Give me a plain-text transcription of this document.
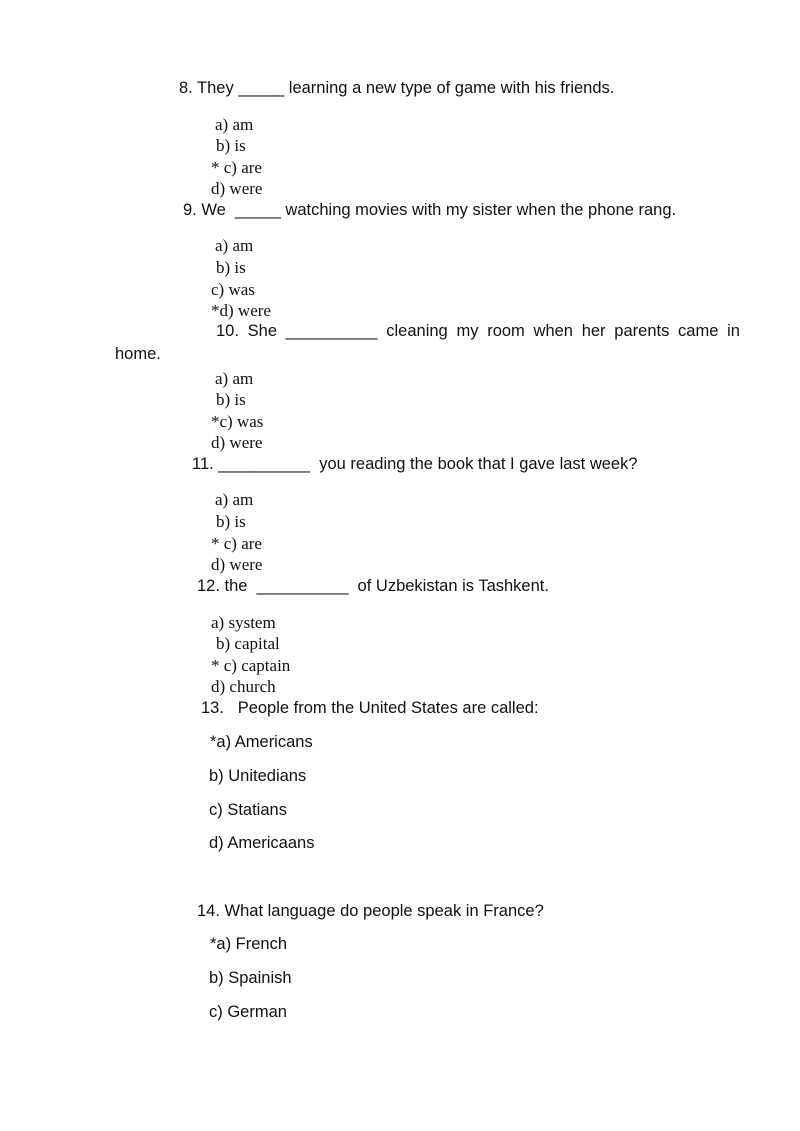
8. They _____ learning a new type of game with his friends.
a) am
b) is
* c) are
d) were
9. We  _____ watching movies with my sister when the phone rang.
a) am
b) is
c) was
*d) were
10. She __________ cleaning my room when her parents came in
home.
a) am
b) is
*c) was
d) were
11. __________  you reading the book that I gave last week?
a) am
b) is
* c) are
d) were
12. the  __________  of Uzbekistan is Tashkent.
a) system
b) capital
* c) captain
d) church
13.   People from the United States are called:
*a) Americans
b) Unitedians
c) Statians
d) Americaans
14. What language do people speak in France?
*a) French
b) Spainish
c) German
